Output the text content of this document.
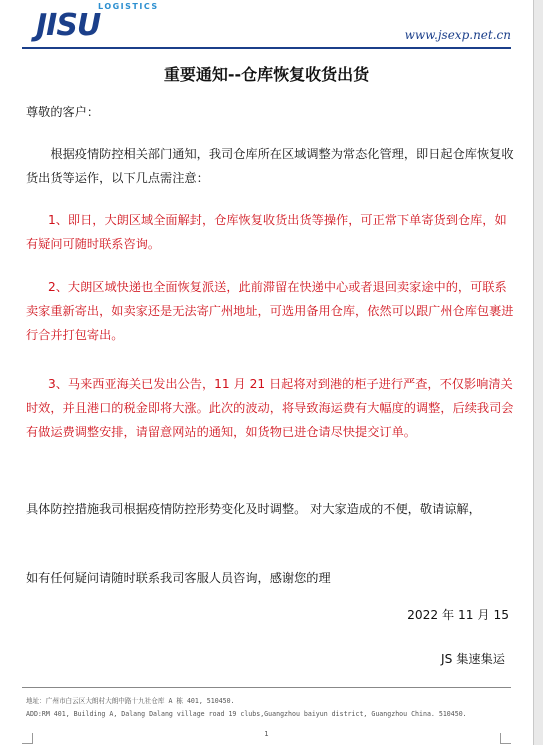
LOGISTICS
JISU	www.jsexp.net.cn
重要通知--仓库恢复收货出货
尊敬的客户：
根据疫情防控相关部门通知，我司仓库所在区域调整为常态化管理，即日起仓库恢复收货出货等运作，以下几点需注意：
1、即日，大朗区域全面解封，仓库恢复收货出货等操作，可正常下单寄货到仓库，如有疑问可随时联系咨询。
2、大朗区域快递也全面恢复派送，此前滞留在快递中心或者退回卖家途中的，可联系卖家重新寄出，如卖家还是无法寄广州地址，可选用备用仓库，依然可以跟广州仓库包裹进行合并打包寄出。
3、马来西亚海关已发出公告，11 月 21 日起将对到港的柜子进行严查，不仅影响清关时效，并且港口的税金即将大涨。此次的波动，将导致海运费有大幅度的调整，后续我司会有做运费调整安排，请留意网站的通知，如货物已进仓请尽快提交订单。
具体防控措施我司根据疫情防控形势变化及时调整。 对大家造成的不便，敬请谅解，
如有任何疑问请随时联系我司客服人员咨询，感谢您的理
2022 年 11 月 15
JS 集速集运
地址：广州市白云区大朗村大朗中路十九社仓库 A 栋 401, 510450.
ADD:RM 401, Building A, Dalang Dalang village road 19 clubs,Guangzhou baiyun district, Guangzhou China. 510450.
1
